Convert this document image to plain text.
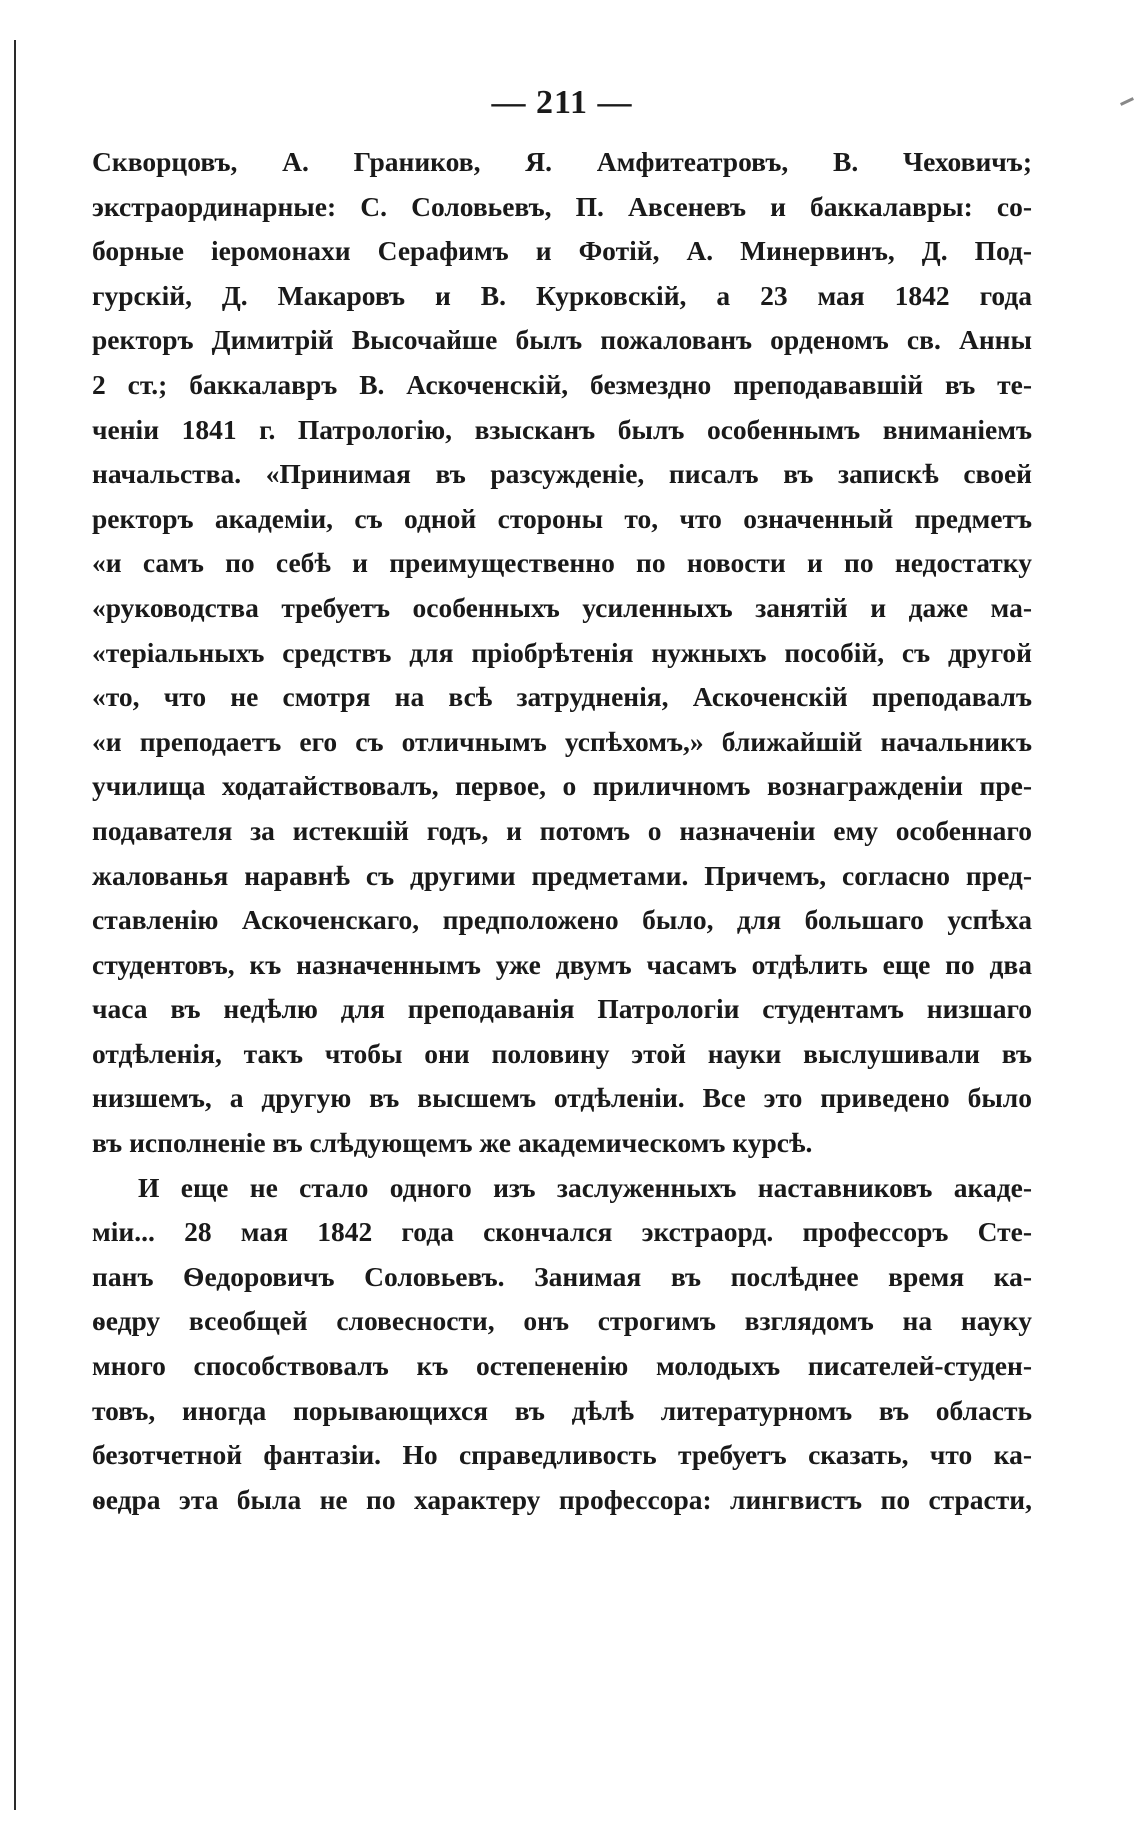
— 211 —

Скворцовъ, А. Граников, Я. Амфитеатровъ, В. Чеховичъ;
экстраординарные: С. Соловьевъ, П. Авсеневъ и баккалавры: со-
борные іеромонахи Серафимъ и Фотій, А. Минервинъ, Д. Под-
гурскій, Д. Макаровъ и В. Курковскій, а 23 мая 1842 года
ректоръ Димитрій Высочайше былъ пожалованъ орденомъ св. Анны
2 ст.; баккалавръ В. Аскоченскій, безмездно преподававшій въ те-
ченіи 1841 г. Патрологію, взысканъ былъ особеннымъ вниманіемъ
начальства. «Принимая въ разсужденіе, писалъ въ запискѣ своей
ректоръ академіи, съ одной стороны то, что означенный предметъ
«и самъ по себѣ и преимущественно по новости и по недостатку
«руководства требуетъ особенныхъ усиленныхъ занятій и даже ма-
«теріальныхъ средствъ для пріобрѣтенія нужныхъ пособій, съ другой
«то, что не смотря на всѣ затрудненія, Аскоченскій преподавалъ
«и преподаетъ его съ отличнымъ успѣхомъ,» ближайшій начальникъ
училища ходатайствовалъ, первое, о приличномъ вознагражденіи пре-
подавателя за истекшій годъ, и потомъ о назначеніи ему особеннаго
жалованья наравнѣ съ другими предметами. Причемъ, согласно пред-
ставленію Аскоченскаго, предположено было, для большаго успѣха
студентовъ, къ назначеннымъ уже двумъ часамъ отдѣлить еще по два
часа въ недѣлю для преподаванія Патрологіи студентамъ низшаго
отдѣленія, такъ чтобы они половину этой науки выслушивали въ
низшемъ, а другую въ высшемъ отдѣленіи. Все это приведено было
въ исполненіе въ слѣдующемъ же академическомъ курсѣ.

И еще не стало одного изъ заслуженныхъ наставниковъ акаде-
міи... 28 мая 1842 года скончался экстраорд. профессоръ Сте-
панъ Ѳедоровичъ Соловьевъ. Занимая въ послѣднее время ка-
ѳедру всеобщей словесности, онъ строгимъ взглядомъ на науку
много способствовалъ къ остепененію молодыхъ писателей-студен-
товъ, иногда порывающихся въ дѣлѣ литературномъ въ область
безотчетной фантазіи. Но справедливость требуетъ сказать, что ка-
ѳедра эта была не по характеру профессора: лингвистъ по страсти,
